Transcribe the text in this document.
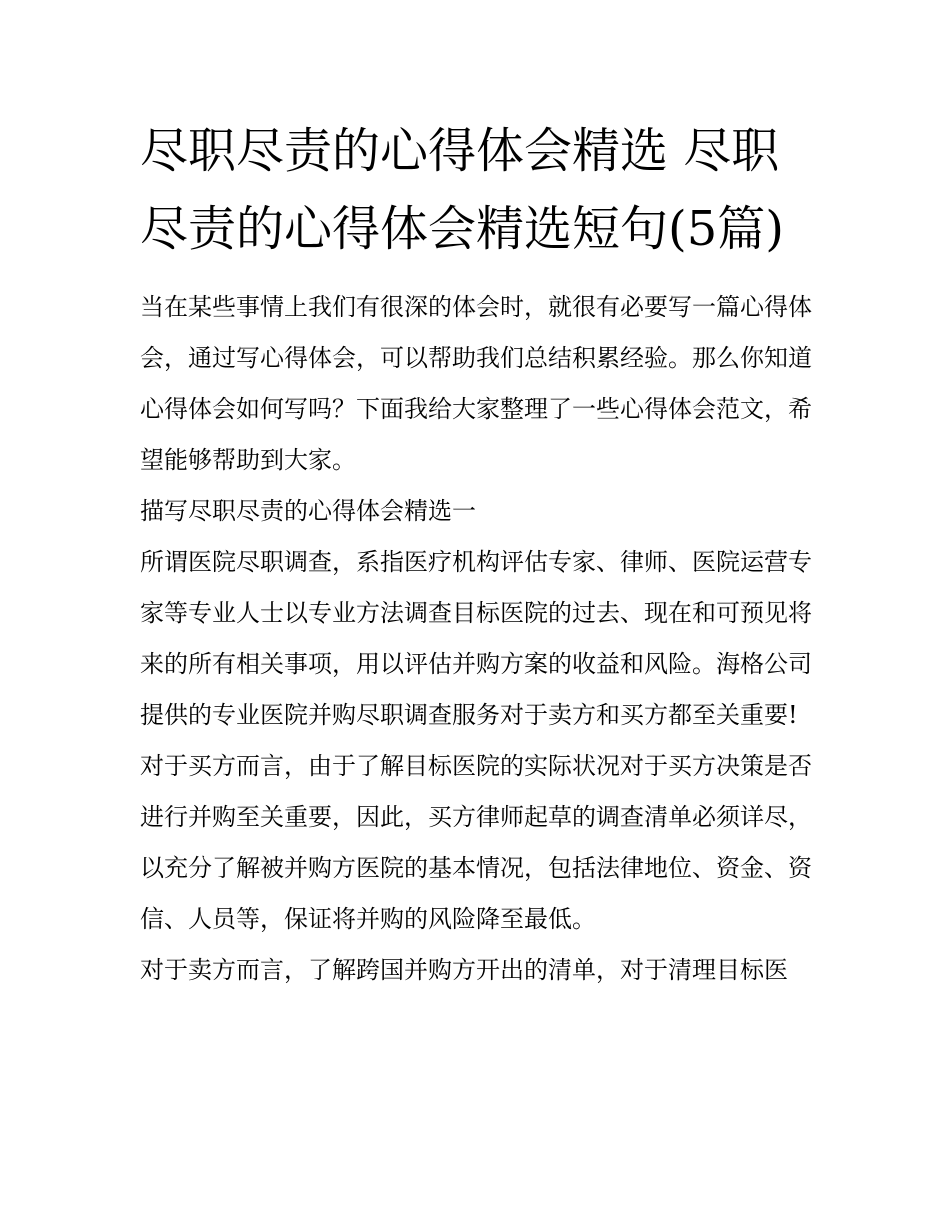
尽职尽责的心得体会精选 尽职尽责的心得体会精选短句(5篇)

当在某些事情上我们有很深的体会时，就很有必要写一篇心得体会，通过写心得体会，可以帮助我们总结积累经验。那么你知道心得体会如何写吗？下面我给大家整理了一些心得体会范文，希望能够帮助到大家。

描写尽职尽责的心得体会精选一

所谓医院尽职调查，系指医疗机构评估专家、律师、医院运营专家等专业人士以专业方法调查目标医院的过去、现在和可预见将来的所有相关事项，用以评估并购方案的收益和风险。海格公司提供的专业医院并购尽职调查服务对于卖方和买方都至关重要!

对于买方而言，由于了解目标医院的实际状况对于买方决策是否进行并购至关重要，因此，买方律师起草的调查清单必须详尽，以充分了解被并购方医院的基本情况，包括法律地位、资金、资信、人员等，保证将并购的风险降至最低。

对于卖方而言，了解跨国并购方开出的清单，对于清理目标医
